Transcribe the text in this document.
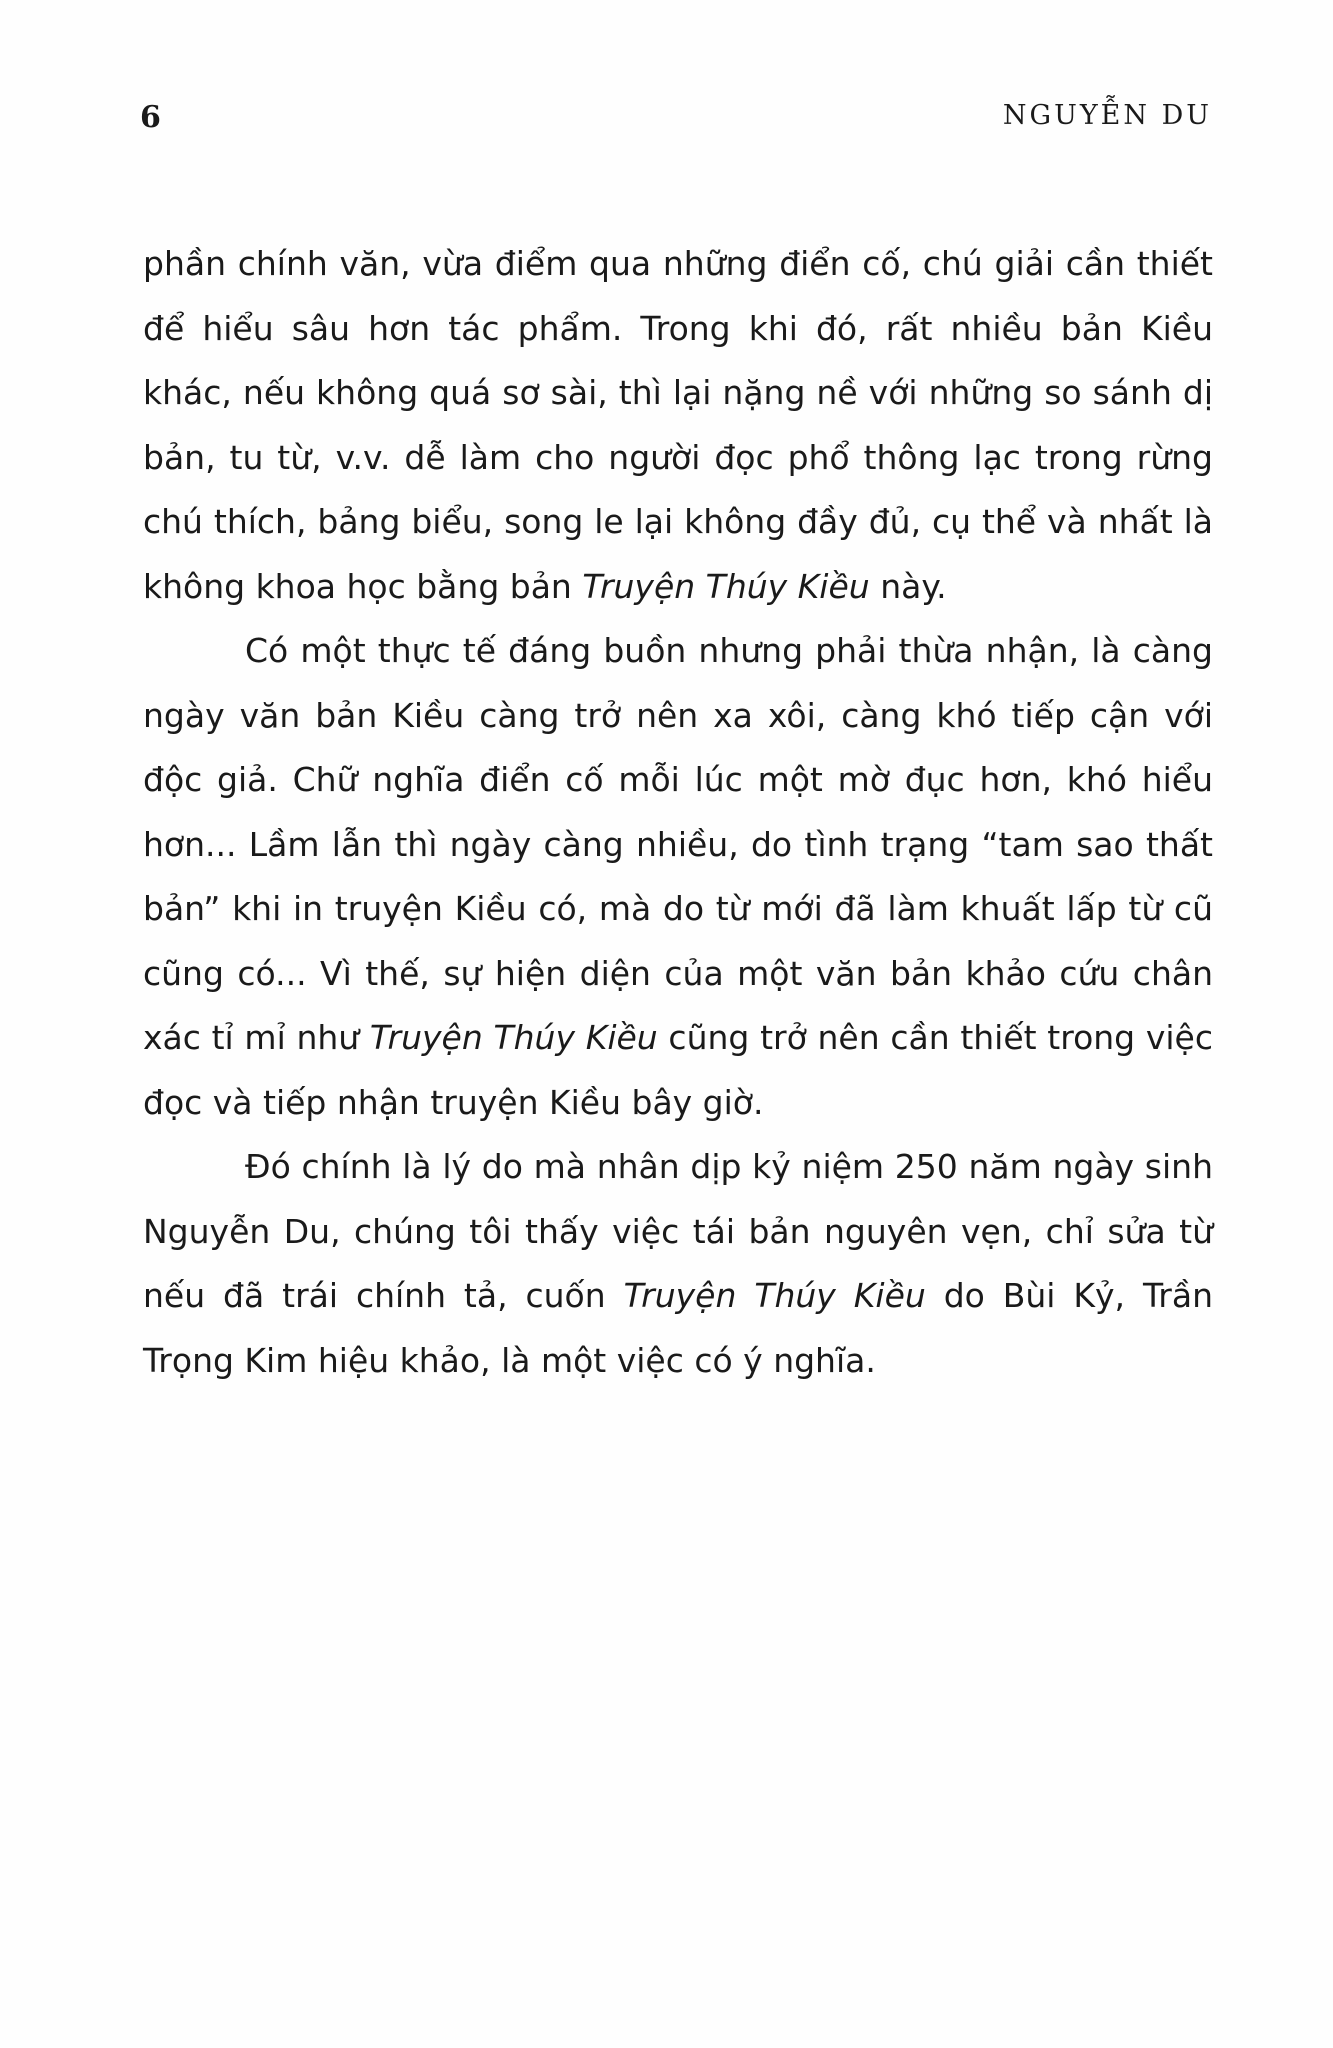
6	NGUYỄN DU

phần chính văn, vừa điểm qua những điển cố, chú giải cần thiết để hiểu sâu hơn tác phẩm. Trong khi đó, rất nhiều bản Kiều khác, nếu không quá sơ sài, thì lại nặng nề với những so sánh dị bản, tu từ, v.v. dễ làm cho người đọc phổ thông lạc trong rừng chú thích, bảng biểu, song le lại không đầy đủ, cụ thể và nhất là không khoa học bằng bản Truyện Thúy Kiều này.

Có một thực tế đáng buồn nhưng phải thừa nhận, là càng ngày văn bản Kiều càng trở nên xa xôi, càng khó tiếp cận với độc giả. Chữ nghĩa điển cố mỗi lúc một mờ đục hơn, khó hiểu hơn... Lầm lẫn thì ngày càng nhiều, do tình trạng “tam sao thất bản” khi in truyện Kiều có, mà do từ mới đã làm khuất lấp từ cũ cũng có... Vì thế, sự hiện diện của một văn bản khảo cứu chân xác tỉ mỉ như Truyện Thúy Kiều cũng trở nên cần thiết trong việc đọc và tiếp nhận truyện Kiều bây giờ.

Đó chính là lý do mà nhân dịp kỷ niệm 250 năm ngày sinh Nguyễn Du, chúng tôi thấy việc tái bản nguyên vẹn, chỉ sửa từ nếu đã trái chính tả, cuốn Truyện Thúy Kiều do Bùi Kỷ, Trần Trọng Kim hiệu khảo, là một việc có ý nghĩa.
